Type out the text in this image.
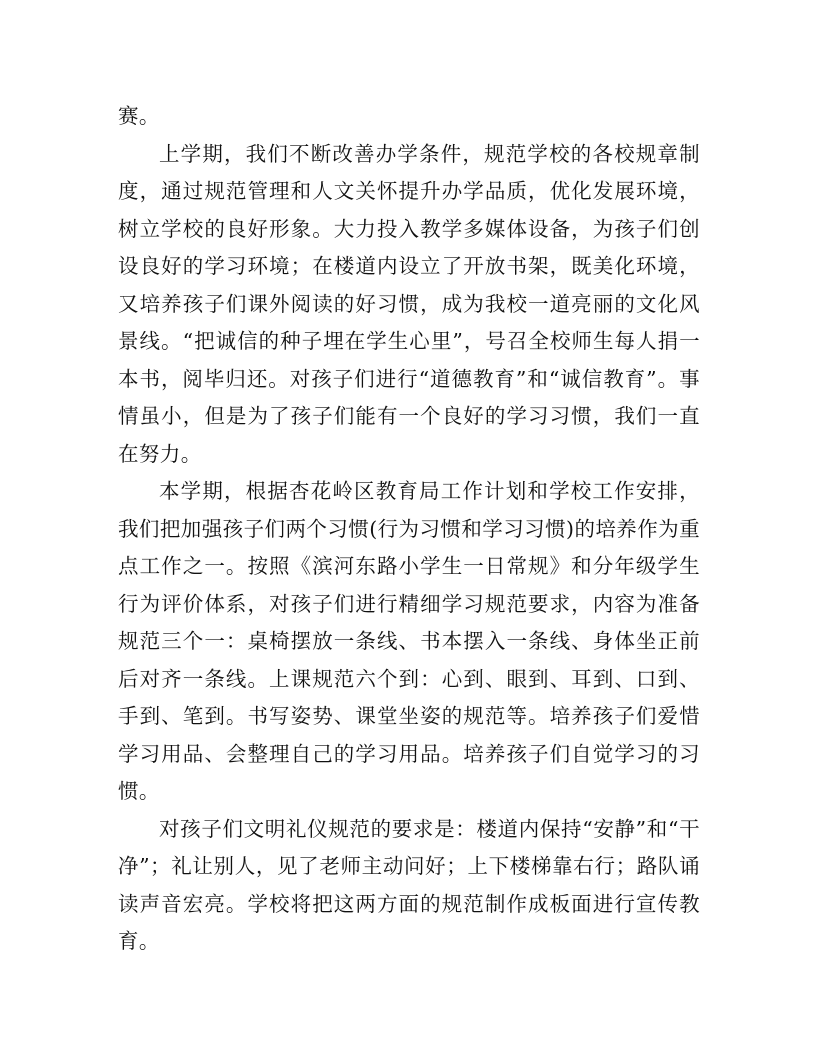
赛。

上学期，我们不断改善办学条件，规范学校的各校规章制度，通过规范管理和人文关怀提升办学品质，优化发展环境，树立学校的良好形象。大力投入教学多媒体设备，为孩子们创设良好的学习环境；在楼道内设立了开放书架，既美化环境，又培养孩子们课外阅读的好习惯，成为我校一道亮丽的文化风景线。“把诚信的种子埋在学生心里”，号召全校师生每人捐一本书，阅毕归还。对孩子们进行“道德教育”和“诚信教育”。事情虽小，但是为了孩子们能有一个良好的学习习惯，我们一直在努力。

本学期，根据杏花岭区教育局工作计划和学校工作安排，我们把加强孩子们两个习惯(行为习惯和学习习惯)的培养作为重点工作之一。按照《滨河东路小学生一日常规》和分年级学生行为评价体系，对孩子们进行精细学习规范要求，内容为准备规范三个一：桌椅摆放一条线、书本摆入一条线、身体坐正前后对齐一条线。上课规范六个到：心到、眼到、耳到、口到、手到、笔到。书写姿势、课堂坐姿的规范等。培养孩子们爱惜学习用品、会整理自己的学习用品。培养孩子们自觉学习的习惯。

对孩子们文明礼仪规范的要求是：楼道内保持“安静”和“干净”；礼让别人，见了老师主动问好；上下楼梯靠右行；路队诵读声音宏亮。学校将把这两方面的规范制作成板面进行宣传教育。
